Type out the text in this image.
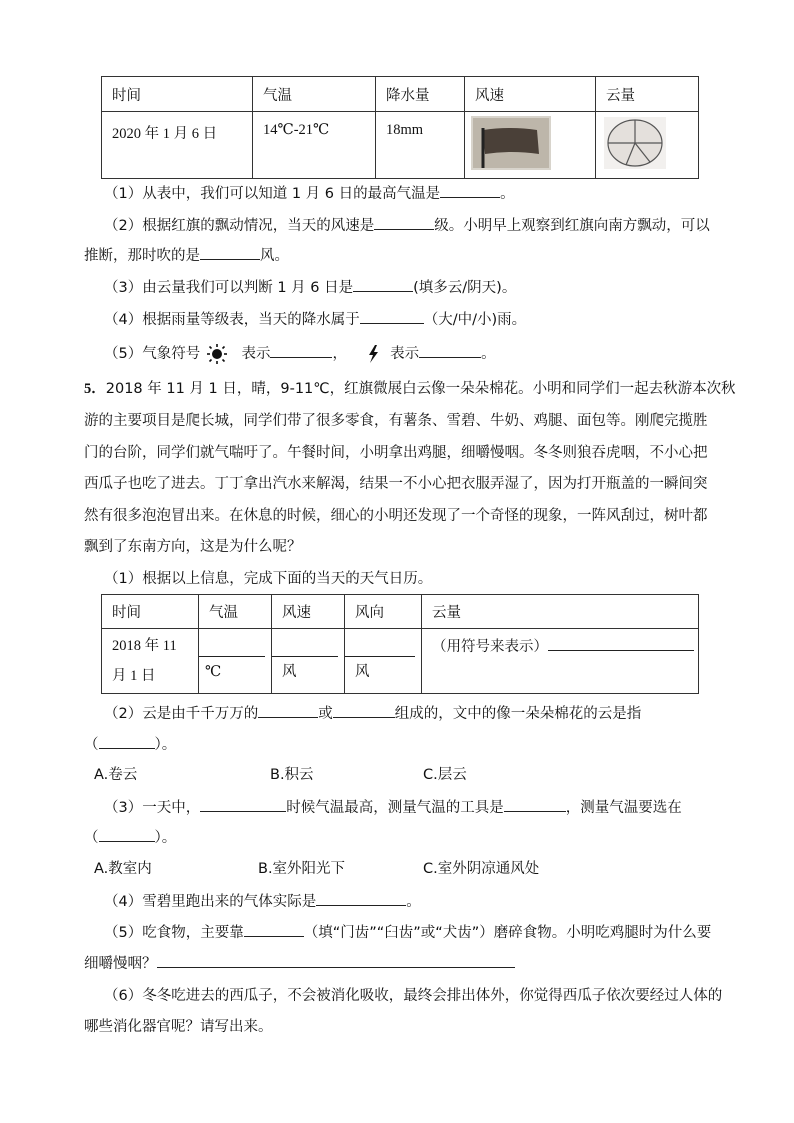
时间	气温	降水量	风速	云量
2020 年 1 月 6 日	14℃-21℃	18mm		
（1）从表中，我们可以知道 1 月 6 日的最高气温是	。
（2）根据红旗的飘动情况，当天的风速是	级。小明早上观察到红旗向南方飘动，可以
推断，那时吹的是	风。
（3）由云量我们可以判断 1 月 6 日是	(填多云/阴天)。
（4）根据雨量等级表，当天的降水属于	（大/中/小)雨。
（5）气象符号	表示	，	表示	。
5．2018 年 11 月 1 日，晴，9-11℃，红旗微展白云像一朵朵棉花。小明和同学们一起去秋游本次秋
游的主要项目是爬长城，同学们带了很多零食，有薯条、雪碧、牛奶、鸡腿、面包等。刚爬完揽胜
门的台阶，同学们就气喘吁了。午餐时间，小明拿出鸡腿，细嚼慢咽。冬冬则狼吞虎咽，不小心把
西瓜子也吃了进去。丁丁拿出汽水来解渴，结果一不小心把衣服弄湿了，因为打开瓶盖的一瞬间突
然有很多泡泡冒出来。在休息的时候，细心的小明还发现了一个奇怪的现象，一阵风刮过，树叶都
飘到了东南方向，这是为什么呢？
（1）根据以上信息，完成下面的当天的天气日历。
时间	气温	风速	风向	云量

2018 年 11
月 1 日	℃	风	风	（用符号来表示）
（2）云是由千千万万的	或	组成的，文中的像一朵朵棉花的云是指
（	）。
A.卷云	B.积云	C.层云
（3）一天中，	时候气温最高，测量气温的工具是	，测量气温要选在
（	）。
A.教室内	B.室外阳光下	C.室外阴凉通风处
（4）雪碧里跑出来的气体实际是	。
（5）吃食物，主要靠	（填“门齿”“臼齿”或“犬齿”）磨碎食物。小明吃鸡腿时为什么要
细嚼慢咽？
（6）冬冬吃进去的西瓜子，不会被消化吸收，最终会排出体外，你觉得西瓜子依次要经过人体的
哪些消化器官呢？请写出来。
